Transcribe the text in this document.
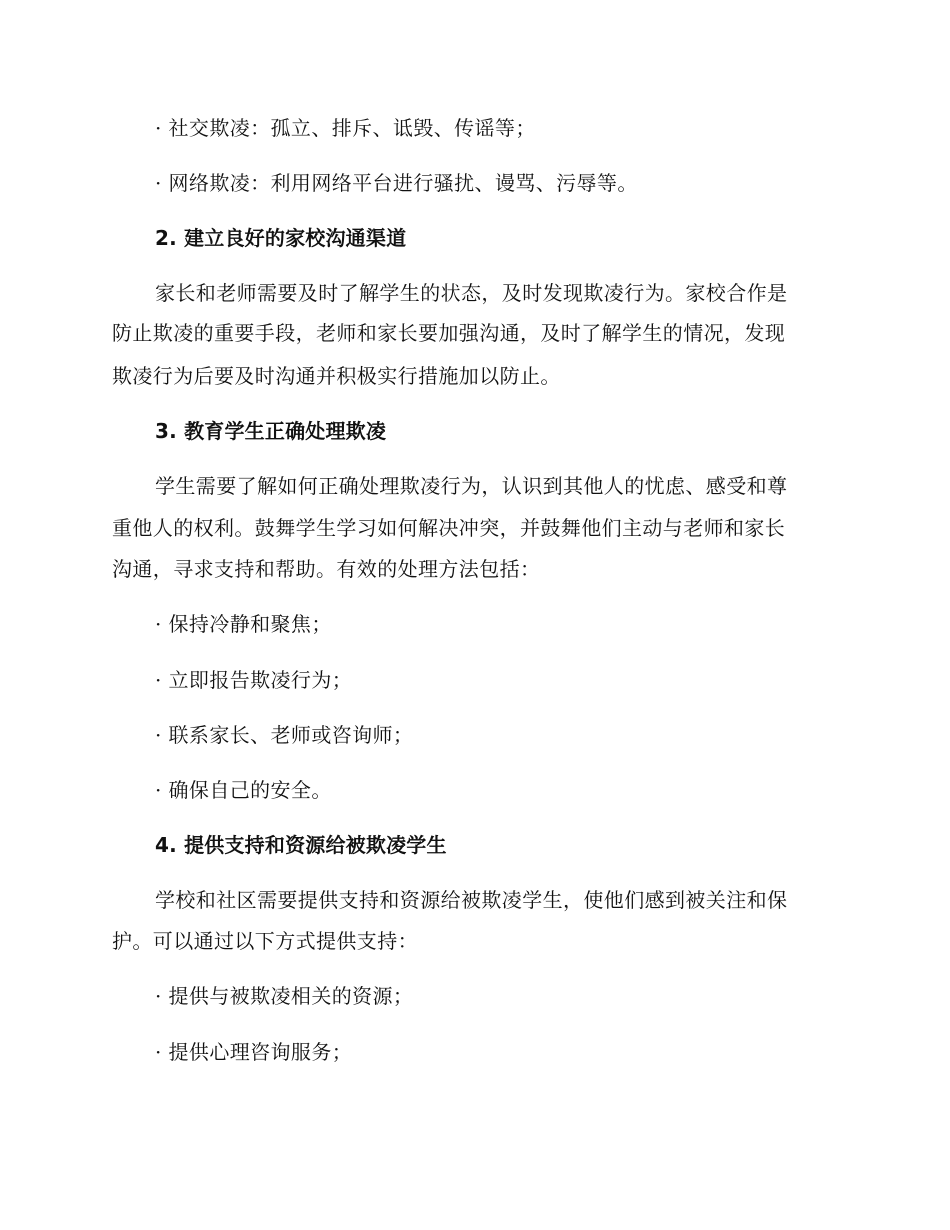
· 社交欺凌：孤立、排斥、诋毁、传谣等；
· 网络欺凌：利用网络平台进行骚扰、谩骂、污辱等。
2. 建立良好的家校沟通渠道
家长和老师需要及时了解学生的状态，及时发现欺凌行为。家校合作是
防止欺凌的重要手段，老师和家长要加强沟通，及时了解学生的情况，发现
欺凌行为后要及时沟通并积极实行措施加以防止。
3. 教育学生正确处理欺凌
学生需要了解如何正确处理欺凌行为，认识到其他人的忧虑、感受和尊
重他人的权利。鼓舞学生学习如何解决冲突，并鼓舞他们主动与老师和家长
沟通，寻求支持和帮助。有效的处理方法包括：
· 保持冷静和聚焦；
· 立即报告欺凌行为；
· 联系家长、老师或咨询师；
· 确保自己的安全。
4. 提供支持和资源给被欺凌学生
学校和社区需要提供支持和资源给被欺凌学生，使他们感到被关注和保
护。可以通过以下方式提供支持：
· 提供与被欺凌相关的资源；
· 提供心理咨询服务；
